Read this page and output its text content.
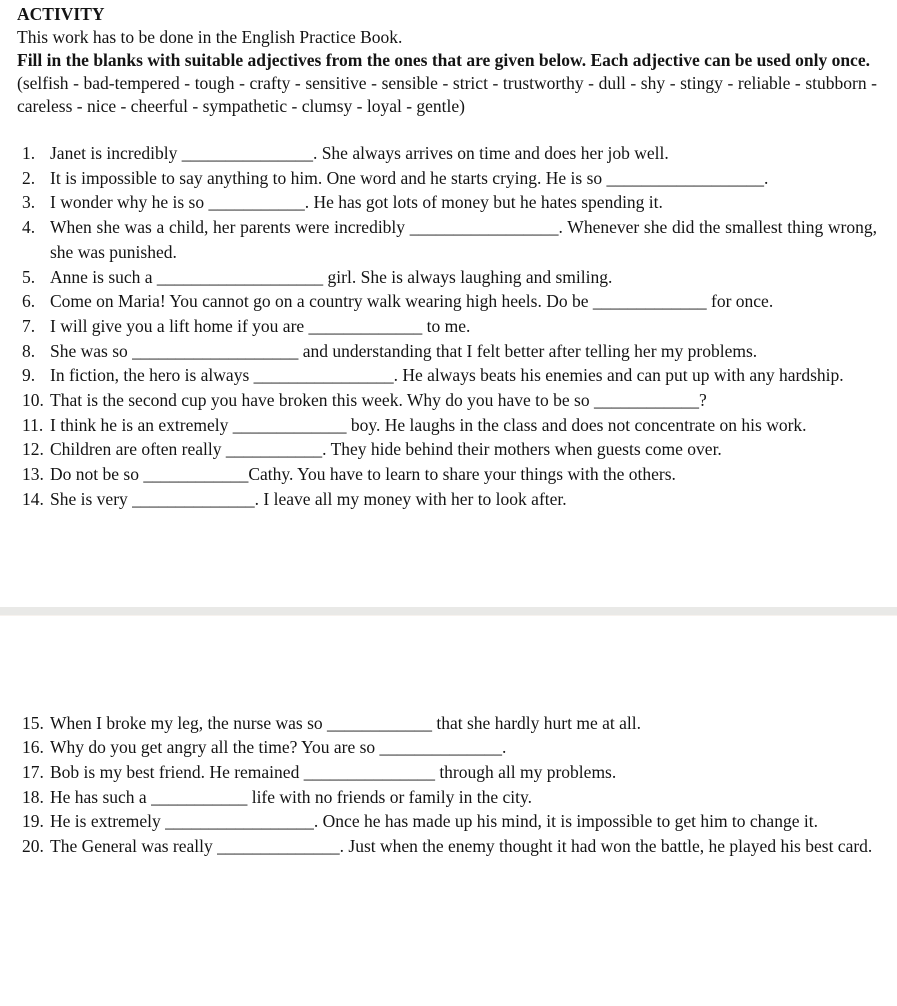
ACTIVITY
This work has to be done in the English Practice Book.
Fill in the blanks with suitable adjectives from the ones that are given below. Each adjective can be used only once.
(selfish - bad-tempered - tough - crafty - sensitive - sensible - strict - trustworthy - dull - shy - stingy - reliable - stubborn - careless - nice - cheerful - sympathetic - clumsy - loyal - gentle)
1. Janet is incredibly _______________. She always arrives on time and does her job well.
2. It is impossible to say anything to him. One word and he starts crying. He is so __________________.
3. I wonder why he is so ___________. He has got lots of money but he hates spending it.
4. When she was a child, her parents were incredibly _________________. Whenever she did the smallest thing wrong, she was punished.
5. Anne is such a ___________________ girl. She is always laughing and smiling.
6. Come on Maria! You cannot go on a country walk wearing high heels. Do be _____________ for once.
7. I will give you a lift home if you are _____________ to me.
8. She was so ___________________ and understanding that I felt better after telling her my problems.
9. In fiction, the hero is always ________________. He always beats his enemies and can put up with any hardship.
10. That is the second cup you have broken this week. Why do you have to be so ____________?
11. I think he is an extremely _____________ boy. He laughs in the class and does not concentrate on his work.
12. Children are often really ___________. They hide behind their mothers when guests come over.
13. Do not be so ____________Cathy. You have to learn to share your things with the others.
14. She is very ______________. I leave all my money with her to look after.
15. When I broke my leg, the nurse was so ____________ that she hardly hurt me at all.
16. Why do you get angry all the time? You are so ______________.
17. Bob is my best friend. He remained _______________ through all my problems.
18. He has such a ___________ life with no friends or family in the city.
19. He is extremely _________________. Once he has made up his mind, it is impossible to get him to change it.
20. The General was really ______________. Just when the enemy thought it had won the battle, he played his best card.
